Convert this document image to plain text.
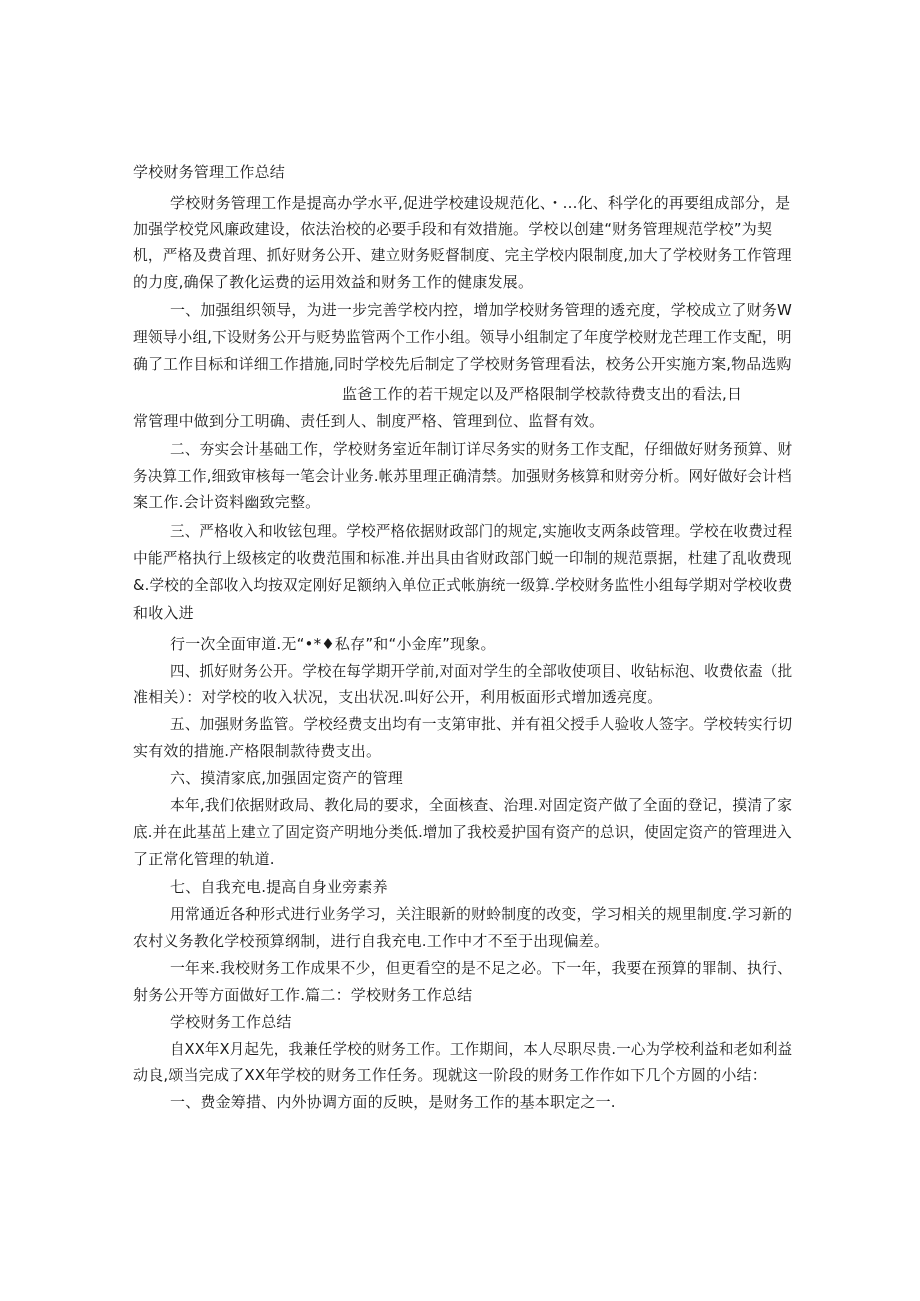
学校财务管理工作总结

学校财务管理工作是提高办学水平,促进学校建设规范化、・...化、科学化的再要组成部分，是

加强学校党风廉政建设，依法治校的必要手段和有效措施。学校以创建“财务管理规范学校”为契

机，严格及费首理、抓好财务公开、建立财务贬督制度、完主学校内限制度,加大了学校财务工作管理

的力度,确保了教化运费的运用效益和财务工作的健康发展。

一、加强组织领导，为进一步完善学校内控，增加学校财务管理的透充度，学校成立了财务W

理领导小组,下设财务公开与贬势监管两个工作小组。领导小组制定了年度学校财龙芒理工作支配，明

确了工作目标和详细工作措施,同时学校先后制定了学校财务管理看法，校务公开实施方案,物品选购

监爸工作的若干规定以及严格限制学校款待费支出的看法,日

常管理中做到分工明确、责任到人、制度严格、管理到位、监督有效。

二、夯实会计基础工作，学校财务室近年制订详尽务实的财务工作支配，仔细做好财务预算、财

务决算工作,细致审核每一笔会计业务.帐苏里理正确清禁。加强财务核算和财旁分析。网好做好会计档

案工作.会计资料幽致完整。

三、严格收入和收铉包理。学校严格依据财政部门的规定,实施收支两条歧管理。学校在收费过程

中能严格执行上级核定的收费范围和标准.并出具由省财政部门蜕一印制的规范票据，杜建了乱收费现

&.学校的全部收入均按双定刚好足额纳入单位正式帐旃统一级算.学校财务监性小组每学期对学校收费

和收入进

行一次全面审道.无“•*♦私存”和“小金库”现象。

四、抓好财务公开。学校在每学期开学前,对面对学生的全部收使项目、收钻标泡、收费依盍（批

准相关）：对学校的收入状况，支出状况.叫好公开，利用板面形式增加透亮度。

五、加强财务监管。学校经费支出均有一支第审批、并有祖父授手人验收人签字。学校转实行切

实有效的措施.产格限制款待费支出。

六、摸清家底,加强固定资产的管理

本年,我们依据财政局、教化局的要求，全面核查、治理.对固定资产做了全面的登记，摸清了家

底.并在此基茁上建立了固定资产明地分类低.增加了我校爰护国有资产的总识，使固定资产的管理进入

了正常化管理的轨道.

七、自我充电.提高自身业旁素养

用常通近各种形式进行业务学习，关注眼新的财蛉制度的改变，学习相关的规里制度.学习新的

农村义务教化学校预算纲制，进行自我充电.工作中才不至于出现偏差。

一年来.我校财务工作成果不少，但更看空的是不足之必。下一年，我要在预算的罪制、执行、

射务公开等方面做好工作.篇二：学校财务工作总结

学校财务工作总结

自XX年X月起先，我兼任学校的财务工作。工作期间，本人尽职尽贵.一心为学校利益和老如利益

动良,颂当完成了XX年学校的财务工作任务。现就这一阶段的财务工作作如下几个方圆的小结：

一、费金筹措、内外协调方面的反映，是财务工作的基本职定之一.
